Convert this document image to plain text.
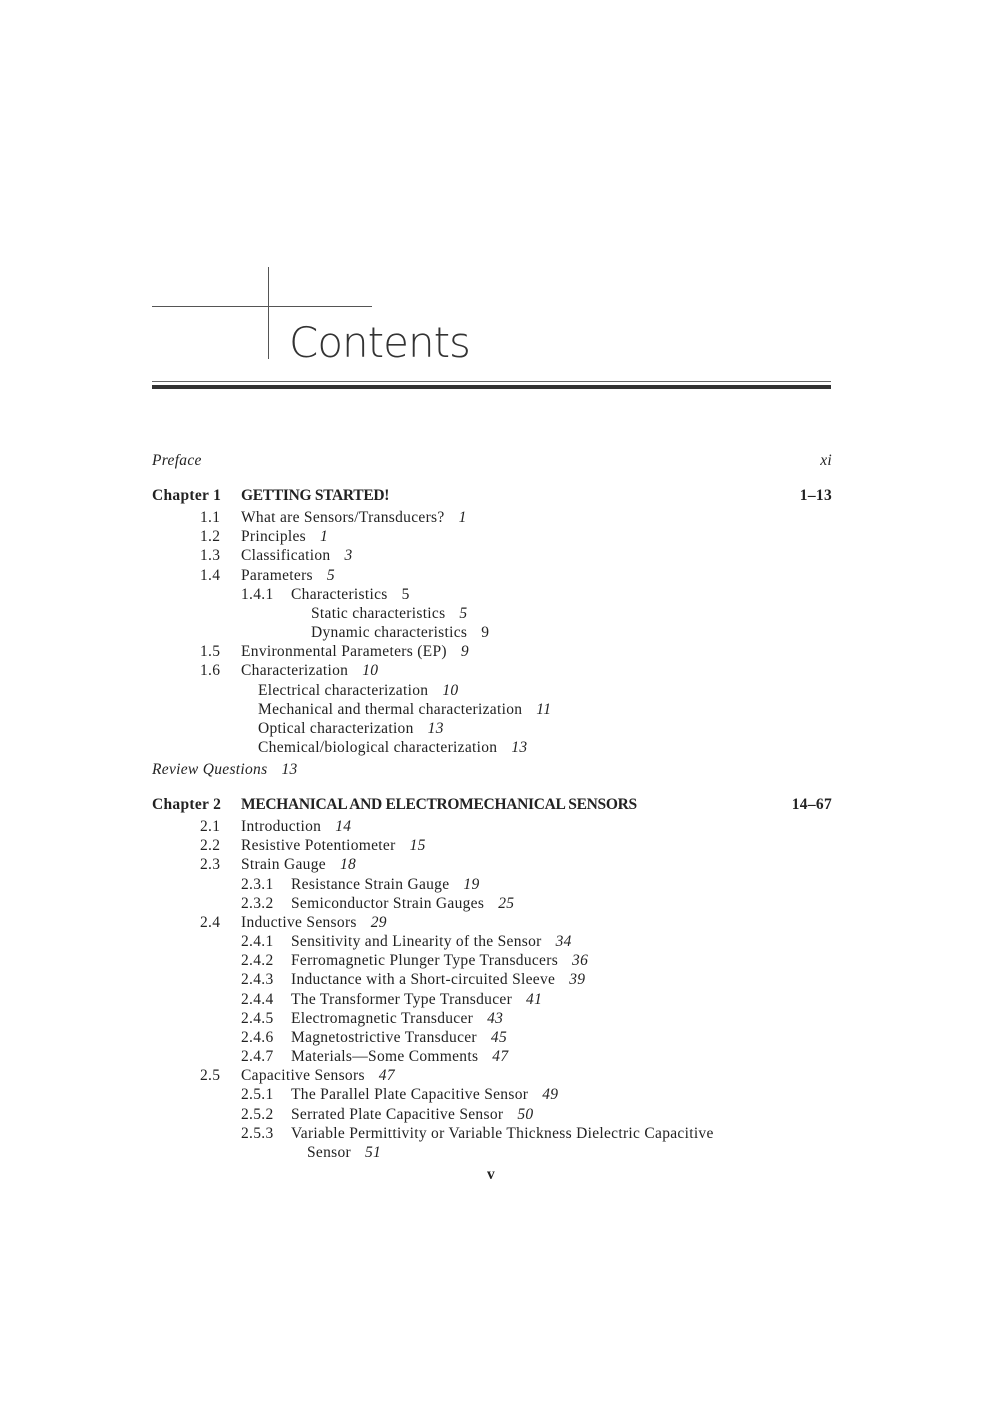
Contents
Preface	xi
Chapter 1 GETTING STARTED!	1–13
1.1 What are Sensors/Transducers? 1
1.2 Principles 1
1.3 Classification 3
1.4 Parameters 5
1.4.1 Characteristics 5
Static characteristics 5
Dynamic characteristics 9
1.5 Environmental Parameters (EP) 9
1.6 Characterization 10
Electrical characterization 10
Mechanical and thermal characterization 11
Optical characterization 13
Chemical/biological characterization 13
Review Questions 13
Chapter 2 MECHANICAL AND ELECTROMECHANICAL SENSORS	14–67
2.1 Introduction 14
2.2 Resistive Potentiometer 15
2.3 Strain Gauge 18
2.3.1 Resistance Strain Gauge 19
2.3.2 Semiconductor Strain Gauges 25
2.4 Inductive Sensors 29
2.4.1 Sensitivity and Linearity of the Sensor 34
2.4.2 Ferromagnetic Plunger Type Transducers 36
2.4.3 Inductance with a Short-circuited Sleeve 39
2.4.4 The Transformer Type Transducer 41
2.4.5 Electromagnetic Transducer 43
2.4.6 Magnetostrictive Transducer 45
2.4.7 Materials—Some Comments 47
2.5 Capacitive Sensors 47
2.5.1 The Parallel Plate Capacitive Sensor 49
2.5.2 Serrated Plate Capacitive Sensor 50
2.5.3 Variable Permittivity or Variable Thickness Dielectric Capacitive
Sensor 51
v
